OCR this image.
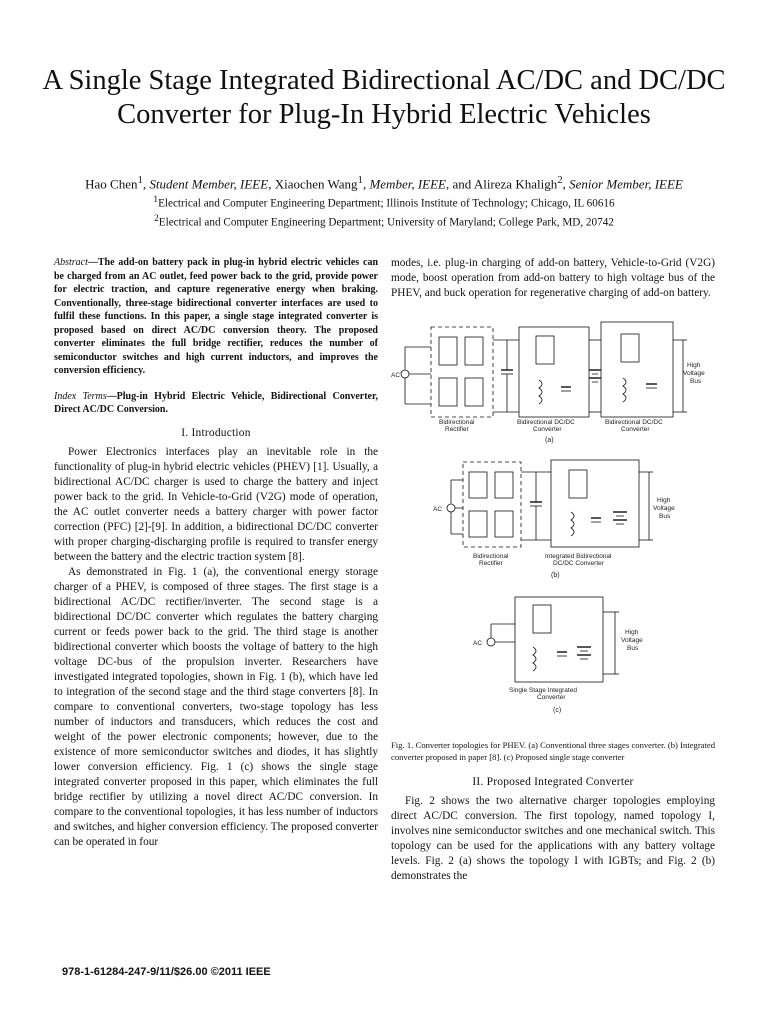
A Single Stage Integrated Bidirectional AC/DC and DC/DC Converter for Plug-In Hybrid Electric Vehicles
Hao Chen$^1$, Student Member, IEEE, Xiaochen Wang$^1$, Member, IEEE, and Alireza Khaligh$^2$, Senior Member, IEEE
$^1$Electrical and Computer Engineering Department; Illinois Institute of Technology; Chicago, IL 60616
$^2$Electrical and Computer Engineering Department; University of Maryland; College Park, MD, 20742

Abstract—The add-on battery pack in plug-in hybrid electric vehicles can be charged from an AC outlet, feed power back to the grid, provide power for electric traction, and capture regenerative energy when braking. Conventionally, three-stage bidirectional converter interfaces are used to fulfil these functions. In this paper, a single stage integrated converter is proposed based on direct AC/DC conversion theory. The proposed converter eliminates the full bridge rectifier, reduces the number of semiconductor switches and high current inductors, and improves the conversion efficiency.

Index Terms—Plug-in Hybrid Electric Vehicle, Bidirectional Converter, Direct AC/DC Conversion.

I. Introduction

Power Electronics interfaces play an inevitable role in the functionality of plug-in hybrid electric vehicles (PHEV) [1]. Usually, a bidirectional AC/DC charger is used to charge the battery and inject power back to the grid. In Vehicle-to-Grid (V2G) mode of operation, the AC outlet converter needs a battery charger with power factor correction (PFC) [2]-[9]. In addition, a bidirectional DC/DC converter with proper charging-discharging profile is required to transfer energy between the battery and the electric traction system [8].

As demonstrated in Fig. 1 (a), the conventional energy storage charger of a PHEV, is composed of three stages. The first stage is a bidirectional AC/DC rectifier/inverter. The second stage is a bidirectional DC/DC converter which regulates the battery charging current or feeds power back to the grid. The third stage is another bidirectional converter which boosts the voltage of battery to the high voltage DC-bus of the propulsion inverter. Researchers have investigated integrated topologies, shown in Fig. 1 (b), which have led to integration of the second stage and the third stage converters [8]. In compare to conventional converters, two-stage topology has less number of inductors and transducers, which reduces the cost and weight of the power electronic components; however, due to the existence of more semiconductor switches and diodes, it has slightly lower conversion efficiency. Fig. 1 (c) shows the single stage integrated converter proposed in this paper, which eliminates the full bridge rectifier by utilizing a novel direct AC/DC conversion. In compare to the conventional topologies, it has less number of inductors and switches, and higher conversion efficiency. The proposed converter can be operated in four

modes, i.e. plug-in charging of add-on battery, Vehicle-to-Grid (V2G) mode, boost operation from add-on battery to high voltage bus of the PHEV, and buck operation for regenerative charging of add-on battery.

AC
High
Voltage
Bus
Bidirectional
Rectifier
Bidirectional DC/DC
Converter
Bidirectional DC/DC
Converter
(a)
AC
High
Voltage
Bus
Bidirectional
Rectifier
Integrated Bidirectional
DC/DC Converter
(b)
AC
High
Voltage
Bus
Single Stage Integrated
Converter
(c)

Fig. 1. Converter topologies for PHEV. (a) Conventional three stages converter. (b) Integrated converter proposed in paper [8]. (c) Proposed single stage converter

II. Proposed Integrated Converter

Fig. 2 shows the two alternative charger topologies employing direct AC/DC conversion. The first topology, named topology I, involves nine semiconductor switches and one mechanical switch. This topology can be used for the applications with any battery voltage levels. Fig. 2 (a) shows the topology I with IGBTs; and Fig. 2 (b) demonstrates the

978-1-61284-247-9/11/$26.00 ©2011 IEEE
